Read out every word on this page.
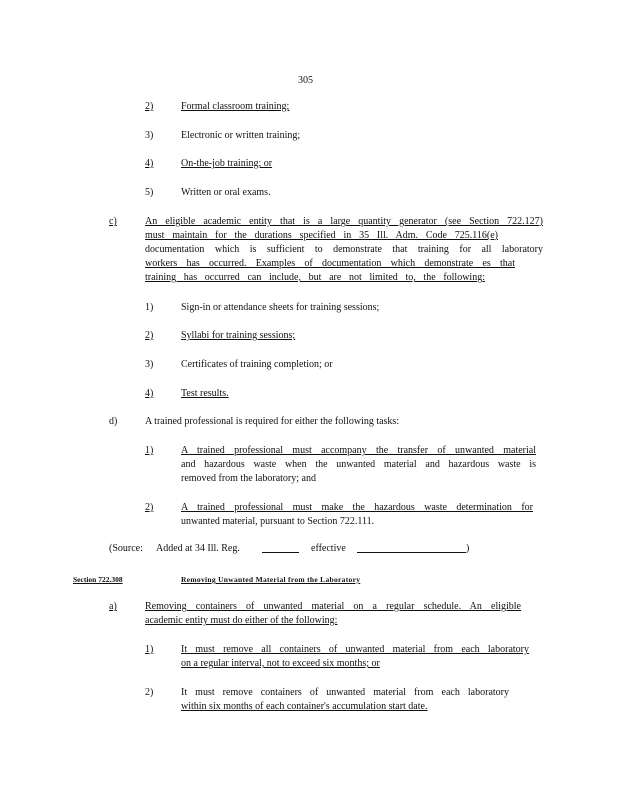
305
2)	Formal classroom training;
3)	Electronic or written training;
4)	On-the-job training; or
5)	Written or oral exams.
c)	An eligible academic entity that is a large quantity generator (see Section 722.127)
must maintain for the durations specified in 35 Ill. Adm. Code 725.116(e)
documentation which is sufficient to demonstrate that training for all laboratory
workers has occurred. Examples of documentation which demonstrate es that
training has occurred can include, but are not limited to, the following:
1)	Sign-in or attendance sheets for training sessions;
2)	Syllabi for training sessions;
3)	Certificates of training completion; or
4)	Test results.
d)	A trained professional is required for either the following tasks:
1)	A trained professional must accompany the transfer of unwanted material
and hazardous waste when the unwanted material and hazardous waste is
removed from the laboratory; and
2)	A trained professional must make the hazardous waste determination for
unwanted material, pursuant to Section 722.111.
(Source: Added at 34 Ill. Reg.	effective	)
Section 722.308	Removing Unwanted Material from the Laboratory
a)	Removing containers of unwanted material on a regular schedule. An eligible
academic entity must do either of the following:
1)	It must remove all containers of unwanted material from each laboratory
on a regular interval, not to exceed six months; or
2)	It must remove containers of unwanted material from each laboratory
within six months of each container's accumulation start date.
